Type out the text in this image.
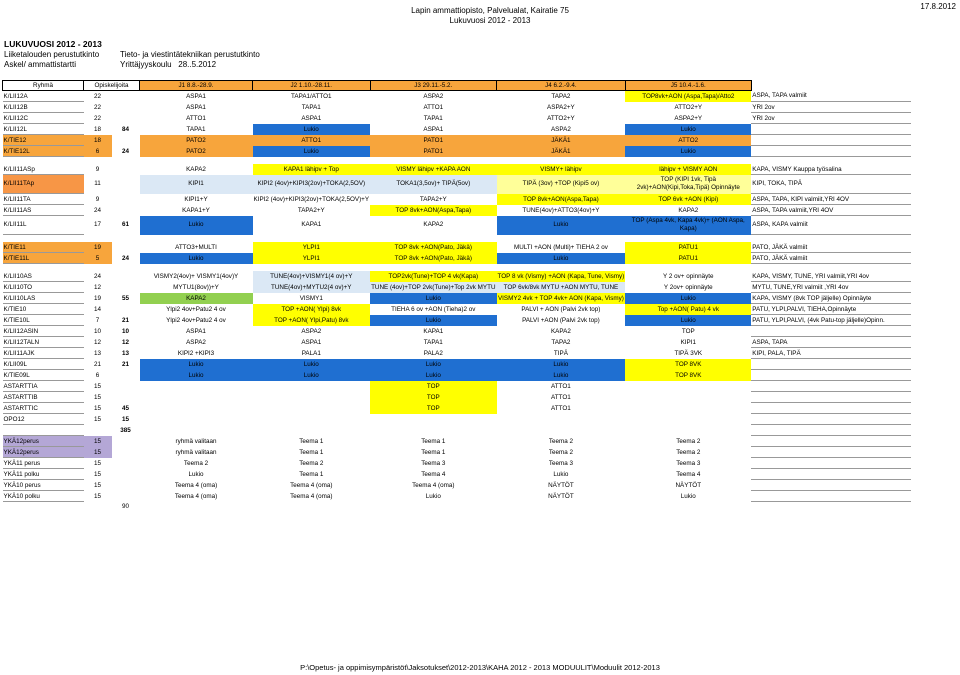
Lapin ammattiopisto, Palvelualat, Kairatie 75
Lukuvuosi 2012 - 2013
17.8.2012
LUKUVUOSI 2012 - 2013
Liiketalouden perustutkinto	Tieto- ja viestintätekniikan perustutkinto
Askel/ ammattistartti	Yrittäjyyskoulu 28..5.2012
Ryhmä	Opiskelijoita		J1 8.8.-28.9.	J2 1.10.-28.11.	J3 29.11.-5.2.	J4 6.2.-9.4.	J5 10.4.-1.6.	
K/LII12A	22		ASPA1	TAPA1/ATTO1	ASPA2	TAPA2	TOP8vk+AON (Aspa,Tapa)/Atto2	ASPA, TAPA valmiit
K/LII12B	22		ASPA1	TAPA1	ATTO1	ASPA2+Y	ATTO2+Y	YRI 2ov
K/LII12C	22		ATTO1	ASPA1	TAPA1	ATTO2+Y	ASPA2+Y	YRI 2ov
K/LII12L	18	84	TAPA1	Lukio	ASPA1	ASPA2	Lukio	
K/TIE12	18		PATO2	ATTO1	PATO1	JÄKÄ1	ATTO2	
K/TIE12L	6	24	PATO2	Lukio	PATO1	JÄKÄ1	Lukio	

K/LII11ASp	9		KAPA2	KAPA1 lähipv + Top	VISMY lähipv +KAPA AON	VISMY+ lähipv	lähipv + VISMY AON	KAPA, VISMY Kauppa työsalina
K/LII11TAp	11		KIPI1	KIPI2 (4ov)+KIPI3(2ov)+TOKA(2,5OV)	TOKA1(3,5ov)+ TIPÄ(5ov)	TIPÄ (3ov) +TOP (Kipi5 ov)	TOP (KIPI 1vk, Tipä 2vk)+AON(Kipi,Toka,Tipä) Opinnäyte	KIPI, TOKA, TIPÄ
K/LII11TA	9		KIPI1+Y	KIPI2 (4ov)+KIPI3(2ov)+TOKA(2,5OV)+Y	TAPA2+Y	TOP 8vk+AON(Aspa,Tapa)	TOP 6vk +AON (Kipi)	ASPA, TAPA, KIPI valmiit,YRI 4OV
K/LII11AS	24		KAPA1+Y	TAPA2+Y	TOP 8vk+AON(Aspa,Tapa)	TUNE(4ov)+ATTO3(4ov)+Y	KAPA2	ASPA, TAPA valmiit,YRI 4OV
K/LII11L	17	61	Lukio	KAPA1	KAPA2	Lukio	TOP (Aspa 4vk, Kapa 4vk)+ (AON Aspa, Kapa)	ASPA, KAPA valmiit

K/TIE11	19		ATTO3+MULTI	YLPI1	TOP 8vk +AON(Pato, Jäkä)	MULTI +AON (Multi)+ TIEHA 2 ov	PATU1	PATO, JÄKÄ valmiit
K/TIE11L	5	24	Lukio	YLPI1	TOP 8vk +AON(Pato, Jäkä)	Lukio	PATU1	PATO, JÄKÄ valmiit

K/LII10AS	24		VISMY2(4ov)+ VISMY1(4ov)Y	TUNE(4ov)+VISMY1(4 ov)+Y	TOP2vk(Tune)+TOP 4 vk(Kapa)	TOP 8 vk (Vismy) +AON (Kapa, Tune, Vismy)	Y 2 ov+ opinnäyte	KAPA, VISMY, TUNE, YRI valmiit,YRI 4ov
K/LII10TO	12		MYTU1(8ov))+Y	TUNE(4ov)+MYTU2(4 ov)+Y	TUNE (4ov)+TOP 2vk(Tune)+Top 2vk MYTU	TOP 6vk/8vk MYTU +AON MYTU, TUNE	Y 2ov+ opinnäyte	MYTU, TUNE,YRI valmiit ,YRI 4ov
K/LII10LAS	19	55	KAPA2	VISMY1	Lukio	VISMY2 4vk + TOP 4vk+ AON (Kapa, Vismy)	Lukio	KAPA, VISMY (8vk TOP jäljelle) Opinnäyte
K/TIE10	14		Ylpi2 4ov+Patu2 4 ov	TOP +AON( Ylpi) 8vk	TIEHA 6 ov +AON (Tieha)2 ov	PALVI + AON (Palvi 2vk top)	Top +AON( Patu) 4 vk	PATU, YLPI,PALVI, TIEHA,Opinnäyte
K/TIE10L	7	21	Ylpi2 4ov+Patu2 4 ov	TOP +AON( Ylpi,Patu) 8vk	Lukio	PALVI +AON (Palvi 2vk top)	Lukio	PATU, YLPI,PALVI, (4vk Patu-top jäljelle)Opinn.
K/LII12ASIN	10	10	ASPA1	ASPA2	KAPA1	KAPA2	TOP	
K/LII12TALN	12	12	ASPA2	ASPA1	TAPA1	TAPA2	KIPI1	ASPA, TAPA
K/LII11AJK	13	13	KIPI2 +KIPI3	PALA1	PALA2	TIPÄ	TIPÄ 3VK	KIPI, PALA, TIPÄ
K/LII09L	21	21	Lukio	Lukio	Lukio	Lukio	TOP 8VK	
K/TIE09L	6		Lukio	Lukio	Lukio	Lukio	TOP 8VK	
ASTARTTIA	15				TOP	ATTO1		
ASTARTTIB	15				TOP	ATTO1		
ASTARTTIC	15	45			TOP	ATTO1		
OPO12	15	15						
		385						
YKÄ12perus	15		ryhmä valitaan	Teema 1	Teema 1	Teema 2	Teema 2	
YKÄ12perus	15		ryhmä valitaan	Teema 1	Teema 1	Teema 2	Teema 2	
YKÄ11 perus	15		Teema 2	Teema 2	Teema 3	Teema 3	Teema 3	
YKÄ11 polku	15		Lukio	Teema 1	Teema 4	Lukio	Teema 4	
YKÄ10 perus	15		Teema 4 (oma)	Teema 4 (oma)	Teema 4 (oma)	NÄYTÖT	NÄYTÖT	
YKÄ10 polku	15		Teema 4 (oma)	Teema 4 (oma)	Lukio	NÄYTÖT	Lukio	
		90						
P:\Opetus- ja oppimisympäristöt\Jaksotukset\2012-2013\KAHA 2012 - 2013 MODUULIT\Moduulit 2012-2013
